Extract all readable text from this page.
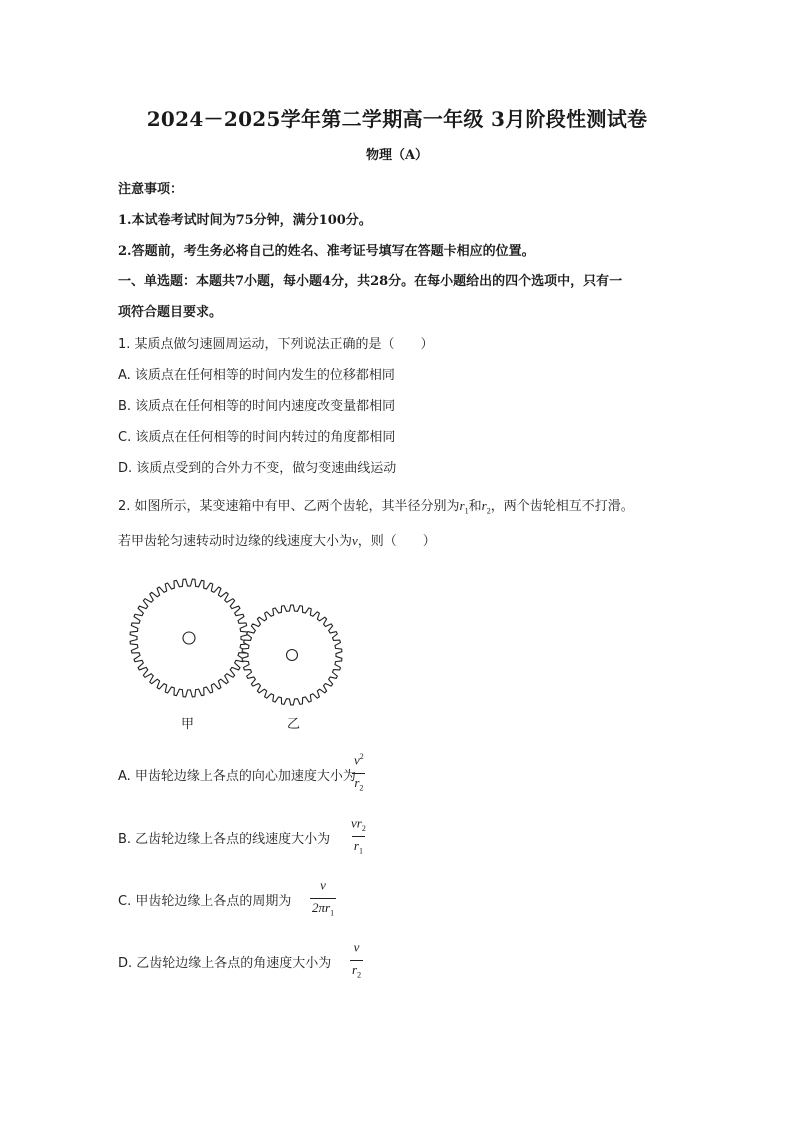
2024－2025学年第二学期高一年级 3月阶段性测试卷
物理（A）
注意事项：
1.本试卷考试时间为75分钟，满分100分。
2.答题前，考生务必将自己的姓名、准考证号填写在答题卡相应的位置。
一、单选题：本题共7小题，每小题4分，共28分。在每小题给出的四个选项中，只有一
项符合题目要求。
1. 某质点做匀速圆周运动，下列说法正确的是（　　）
A. 该质点在任何相等的时间内发生的位移都相同
B. 该质点在任何相等的时间内速度改变量都相同
C. 该质点在任何相等的时间内转过的角度都相同
D. 该质点受到的合外力不变，做匀变速曲线运动
2. 如图所示，某变速箱中有甲、乙两个齿轮，其半径分别为$r_1$和$r_2$，两个齿轮相互不打滑。
若甲齿轮匀速转动时边缘的线速度大小为v，则（　　）
甲	乙
A. 甲齿轮边缘上各点的向心加速度大小为
$\frac{v^2}{r_2}$
B. 乙齿轮边缘上各点的线速度大小为 $\frac{vr_2}{r_1}$
C. 甲齿轮边缘上各点的周期为 $\frac{v}{2\pi r_1}$
D. 乙齿轮边缘上各点的角速度大小为 $\frac{v}{r_2}$
